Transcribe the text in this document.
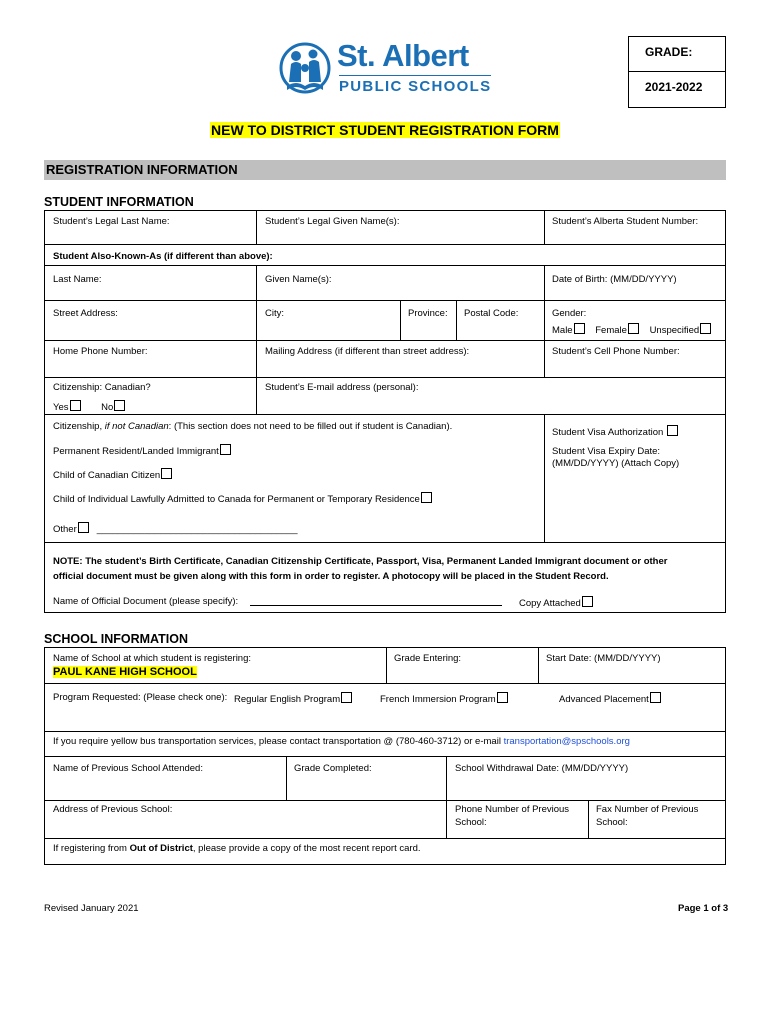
St. Albert
PUBLIC SCHOOLS
GRADE:
2021-2022
NEW TO DISTRICT STUDENT REGISTRATION FORM
REGISTRATION INFORMATION
STUDENT INFORMATION
Student’s Legal Last Name:	Student’s Legal Given Name(s):	Student’s Alberta Student Number:
Student Also-Known-As (if different than above):
Last Name:	Given Name(s):	Date of Birth: (MM/DD/YYYY)
Street Address:	City:	Province: Postal Code:	Gender:
Male Female Unspecified
Home Phone Number:	Mailing Address (if different than street address):	Student’s Cell Phone Number:
Citizenship: Canadian?
Yes	No
Student’s E-mail address (personal):
Citizenship, if not Canadian: (This section does not need to be filled out if student is Canadian).
Permanent Resident/Landed Immigrant
Child of Canadian Citizen
Child of Individual Lawfully Admitted to Canada for Permanent or Temporary Residence
Other ______________________________________
Student Visa Authorization
Student Visa Expiry Date:
(MM/DD/YYYY) (Attach Copy)
NOTE: The student’s Birth Certificate, Canadian Citizenship Certificate, Passport, Visa, Permanent Landed Immigrant document or other
official document must be given along with this form in order to register. A photocopy will be placed in the Student Record.
Name of Official Document (please specify):	Copy Attached
SCHOOL INFORMATION
Name of School at which student is registering:
PAUL KANE HIGH SCHOOL
Grade Entering:	Start Date: (MM/DD/YYYY)
Program Requested: (Please check one): Regular English Program	French Immersion Program	Advanced Placement
If you require yellow bus transportation services, please contact transportation @ (780-460-3712) or e-mail transportation@spschools.org
Name of Previous School Attended:	Grade Completed:	School Withdrawal Date: (MM/DD/YYYY)
Address of Previous School:	Phone Number of Previous
School:
Fax Number of Previous
School:
If registering from Out of District, please provide a copy of the most recent report card.
Revised January 2021	Page 1 of 3
